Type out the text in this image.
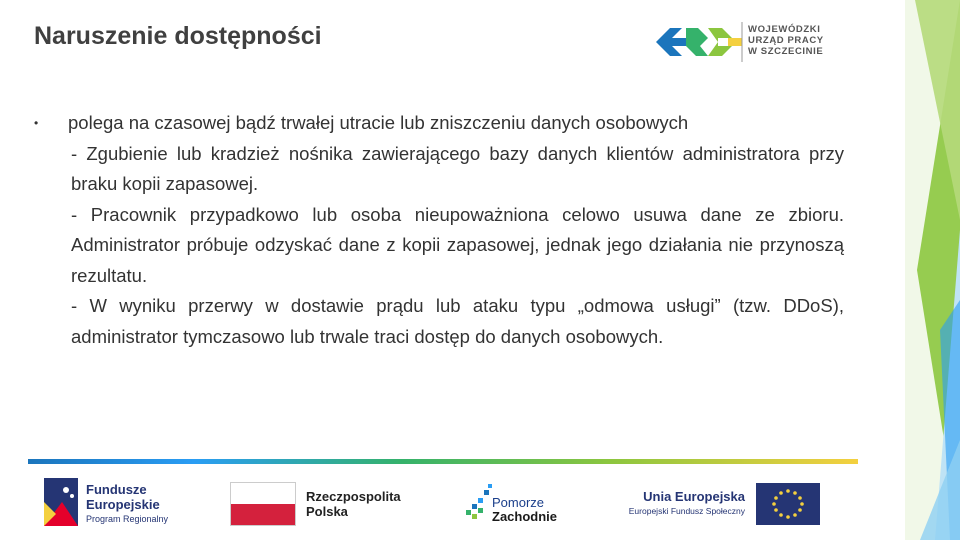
Naruszenie dostępności	WOJEWÓDZKI
URZĄD PRACY
W SZCZECINIE
•	polega na czasowej bądź trwałej utracie lub zniszczeniu danych osobowych
- Zgubienie lub kradzież nośnika zawierającego bazy danych klientów administratora przy braku kopii zapasowej.
- Pracownik przypadkowo lub osoba nieupoważniona celowo usuwa dane ze zbioru. Administrator próbuje odzyskać dane z kopii zapasowej, jednak jego działania nie przynoszą rezultatu.
- W wyniku przerwy w dostawie prądu lub ataku typu „odmowa usługi” (tzw. DDoS), administrator tymczasowo lub trwale traci dostęp do danych osobowych.
Fundusze
Europejskie
Program Regionalny
Rzeczpospolita
Polska
Pomorze
Zachodnie
Unia Europejska
Europejski Fundusz Społeczny
